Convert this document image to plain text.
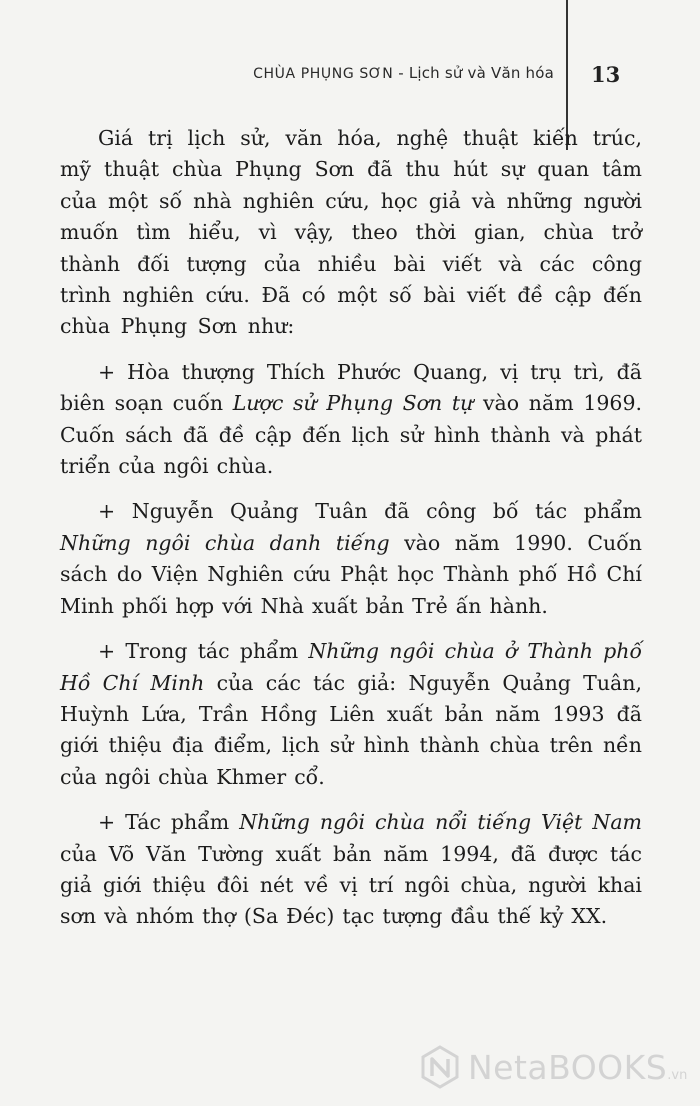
CHÙA PHỤNG SƠN - Lịch sử và Văn hóa 13

Giá trị lịch sử, văn hóa, nghệ thuật kiến trúc, mỹ thuật chùa Phụng Sơn đã thu hút sự quan tâm của một số nhà nghiên cứu, học giả và những người muốn tìm hiểu, vì vậy, theo thời gian, chùa trở thành đối tượng của nhiều bài viết và các công trình nghiên cứu. Đã có một số bài viết đề cập đến chùa Phụng Sơn như:

+ Hòa thượng Thích Phước Quang, vị trụ trì, đã biên soạn cuốn Lược sử Phụng Sơn tự vào năm 1969. Cuốn sách đã đề cập đến lịch sử hình thành và phát triển của ngôi chùa.

+ Nguyễn Quảng Tuân đã công bố tác phẩm Những ngôi chùa danh tiếng vào năm 1990. Cuốn sách do Viện Nghiên cứu Phật học Thành phố Hồ Chí Minh phối hợp với Nhà xuất bản Trẻ ấn hành.

+ Trong tác phẩm Những ngôi chùa ở Thành phố Hồ Chí Minh của các tác giả: Nguyễn Quảng Tuân, Huỳnh Lứa, Trần Hồng Liên xuất bản năm 1993 đã giới thiệu địa điểm, lịch sử hình thành chùa trên nền của ngôi chùa Khmer cổ.

+ Tác phẩm Những ngôi chùa nổi tiếng Việt Nam của Võ Văn Tường xuất bản năm 1994, đã được tác giả giới thiệu đôi nét về vị trí ngôi chùa, người khai sơn và nhóm thợ (Sa Đéc) tạc tượng đầu thế kỷ XX.

NetaBOOKS.vn
